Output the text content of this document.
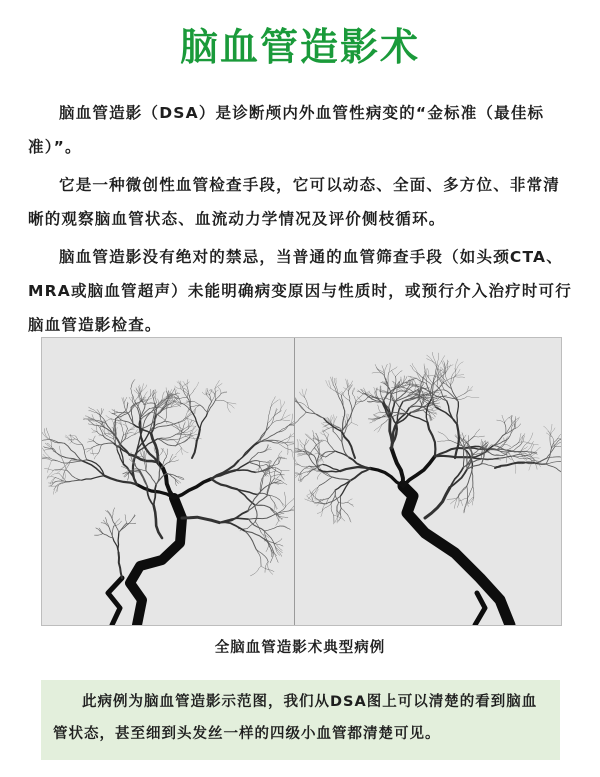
脑血管造影术

脑血管造影（DSA）是诊断颅内外血管性病变的“金标准（最佳标准）”。

它是一种微创性血管检查手段，它可以动态、全面、多方位、非常清晰的观察脑血管状态、血流动力学情况及评价侧枝循环。

脑血管造影没有绝对的禁忌，当普通的血管筛查手段（如头颈CTA、MRA或脑血管超声）未能明确病变原因与性质时，或预行介入治疗时可行脑血管造影检查。

全脑血管造影术典型病例

此病例为脑血管造影示范图，我们从DSA图上可以清楚的看到脑血管状态，甚至细到头发丝一样的四级小血管都清楚可见。
